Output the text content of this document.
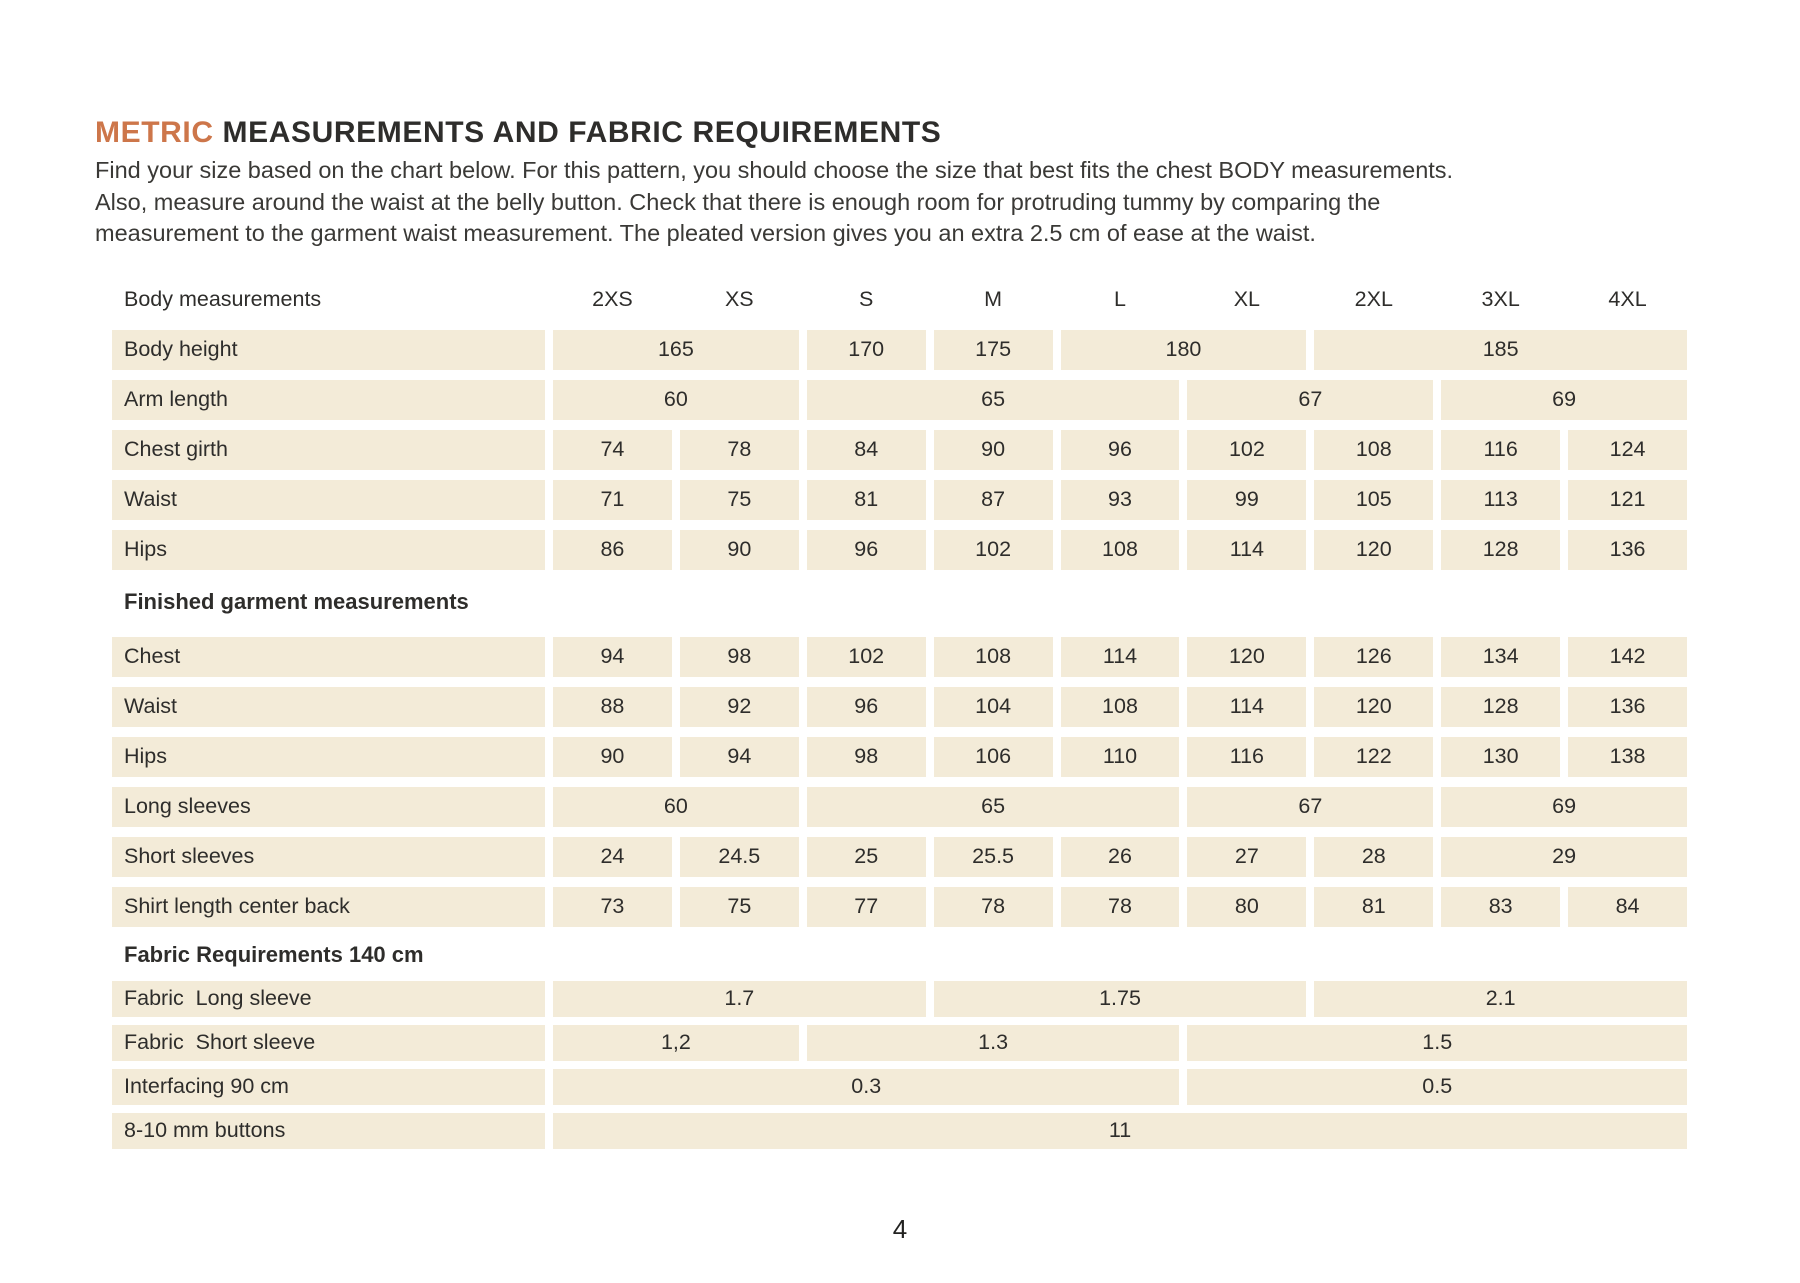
METRIC MEASUREMENTS AND FABRIC REQUIREMENTS

Find your size based on the chart below. For this pattern, you should choose the size that best fits the chest BODY measurements.
Also, measure around the waist at the belly button. Check that there is enough room for protruding tummy by comparing the
measurement to the garment waist measurement. The pleated version gives you an extra 2.5 cm of ease at the waist.

Body measurements	2XS	XS	S	M	L	XL	2XL	3XL	4XL
Body height	165	170	175	180	185
Arm length	60	65	67	69
Chest girth	74	78	84	90	96	102	108	116	124
Waist	71	75	81	87	93	99	105	113	121
Hips	86	90	96	102	108	114	120	128	136
Finished garment measurements
Chest	94	98	102	108	114	120	126	134	142
Waist	88	92	96	104	108	114	120	128	136
Hips	90	94	98	106	110	116	122	130	138
Long sleeves	60	65	67	69
Short sleeves	24	24.5	25	25.5	26	27	28	29
Shirt length center back	73	75	77	78	78	80	81	83	84
Fabric Requirements 140 cm
Fabric  Long sleeve	1.7	1.75	2.1
Fabric  Short sleeve	1,2	1.3	1.5
Interfacing 90 cm	0.3	0.5
8-10 mm buttons	11
4
